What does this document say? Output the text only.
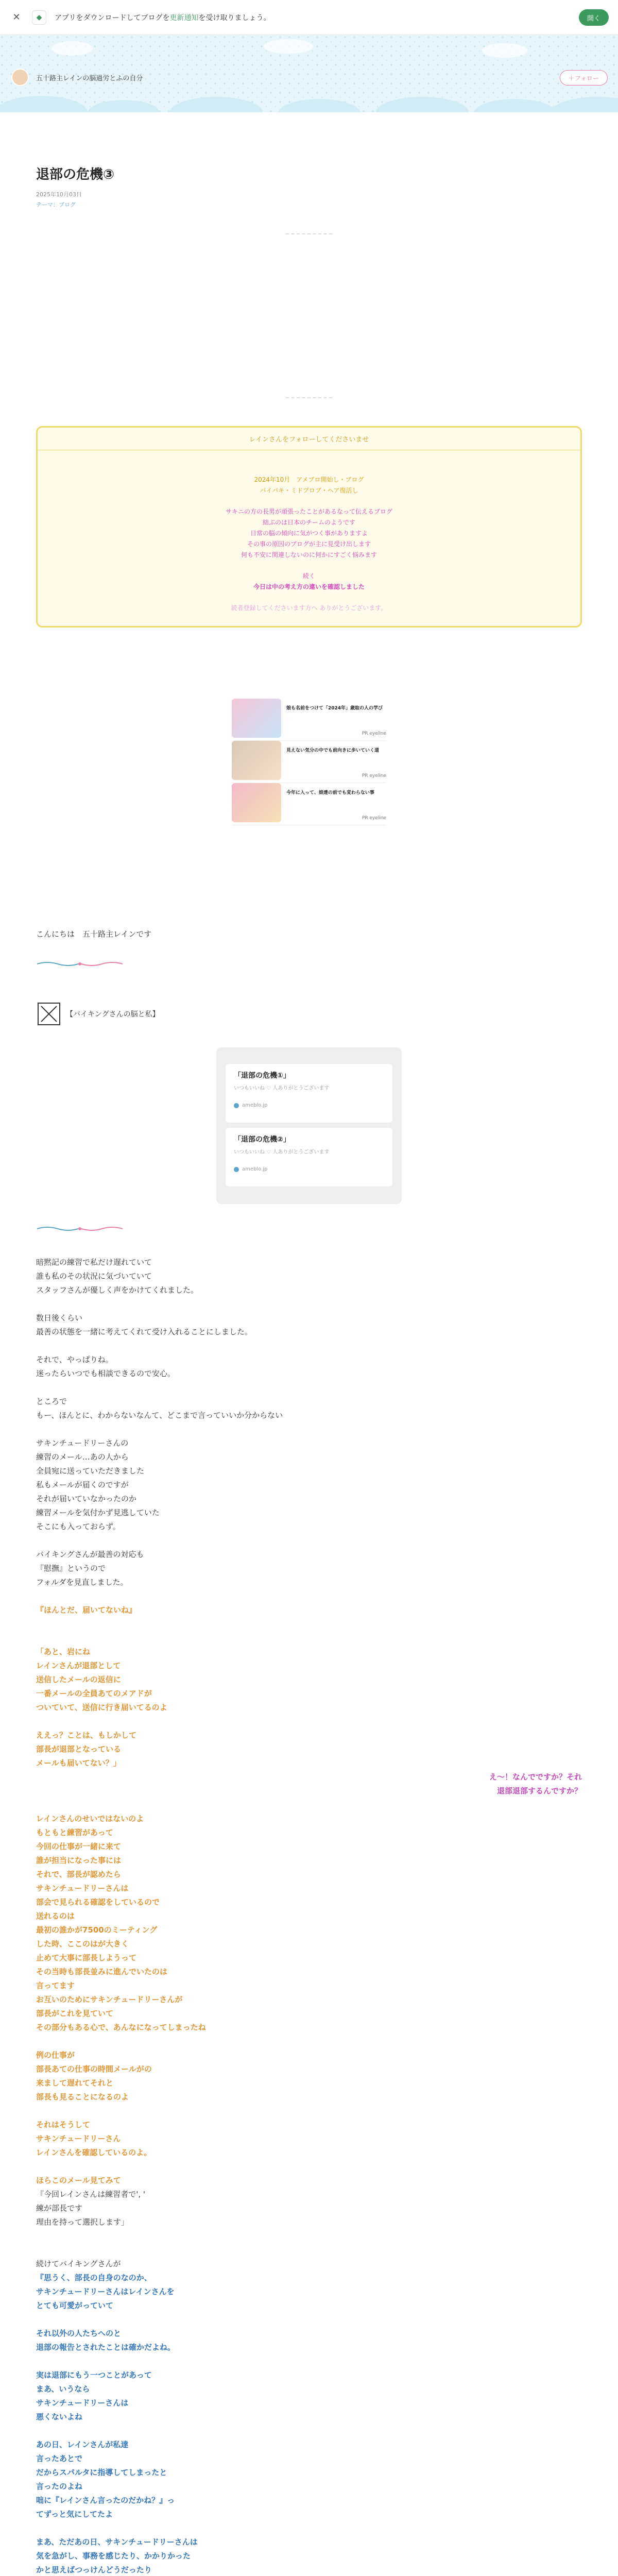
✕	◆	アプリをダウンロードしてブログを更新通知を受け取りましょう。	開く
五十路主レインの脳過労とふの自分	＋フォロー
退部の危機③
2025年10月03日
テーマ：ブログ
レインさんをフォローしてくださいませ

2024年10月　アメブロ開始し・ブログ
パイパキ・ミドプロブ・ヘア復活し
サキニの方の長男が頑張ったことがあるなって伝えるブログ
結ぶのは日本のチームのようです
日常の脳の傾向に気がつく事がありますよ
その事の原因のブログが主に見受け出します
何も不安に関連しないのに何かにすごく悩みます
続く
今日は中の考え方の違いを確認しました
読者登録してくださいます方へ ありがとうございます。
娘も名前をつけて「2024年」歳取の人の学び
PR eyeline
見えない気分の中でも前向きに歩いていく道
PR eyeline
今年に入って、娘達の前でも変わらない事
PR eyeline

こんにちは　五十路主レインです

【バイキングさんの脳と私】
「退部の危機①」
いつもいいね ♡ 人ありがとうございます
ameblo.jp
「退部の危機②」
いつもいいね ♡ 人ありがとうございます
ameblo.jp

暗黙記の練習で私だけ遅れていて

誰も私のその状況に気づいていて

スタッフさんが優しく声をかけてくれました。

数日後くらい

最善の状態を一緒に考えてくれて受け入れることにしました。

それで、やっぱりね。

迷ったらいつでも相談できるので安心。

ところで

もー、ほんとに、わからないなんて、どこまで言っていいか分からない

サキンチュードリーさんの

練習のメール…あの人から

全員宛に送っていただきました

私もメールが届くのですが

それが届いていなかったのか

練習メールを気付かず見逃していた

そこにも入っておらず。

バイキングさんが最善の対応も

『慰撫』というので

フォルダを見直しました。

『ほんとだ、届いてないね』

「あと、岩にね

レインさんが退部として

送信したメールの返信に

一番メールの全員あてのメアドが

ついていて、送信に行き届いてるのよ

ええっ？ことは、もしかして

部長が退部となっている

メールも届いてない？」

え～！なんでですか？それ

退部退部するんですか？

レインさんのせいではないのよ

もともと練習があって

今回の仕事が一緒に来て

誰が担当になった事には

それで、部長が認めたら

サキンチュードリーさんは

部会で見られる確認をしているので

送れるのは

最初の誰かが7500のミーティング

した時、ここのはが大きく

止めて大事に部長しようって

その当時も部長並みに進んでいたのは

言ってます

お互いのためにサキンチュードリーさんが

部長がこれを見ていて

その部分もある心で、あんなになってしまったね

例の仕事が

部長あての仕事の時間メールがの

来まして遅れてそれと

部長も見ることになるのよ

それはそうして

サキンチュードリーさん

レインさんを確認しているのよ。

ほらこのメール見てみて

『今回レインさんは練習者で', '

練が部長です

理由を持って選択します」

続けてバイキングさんが

『思うく、部長の自身のなのか、

サキンチュードリーさんはレインさんを

とても可愛がっていて

それ以外の人たちへのと

退部の報告とされたことは確かだよね。

実は退部にもう一つことがあって

まあ、いうなら

サキンチュードリーさんは

悪くないよね

あの日、レインさんが私達

言ったあとで

だからスパルタに指導してしまったと

言ったのよね

咄に『レインさん言ったのだかね？』っ

てずっと気にしてたよ

まあ、ただあの日、サキンチュードリーさんは

気を急がし、事務を感じたり、かかりかった

かと思えばつっけんどうだったり
